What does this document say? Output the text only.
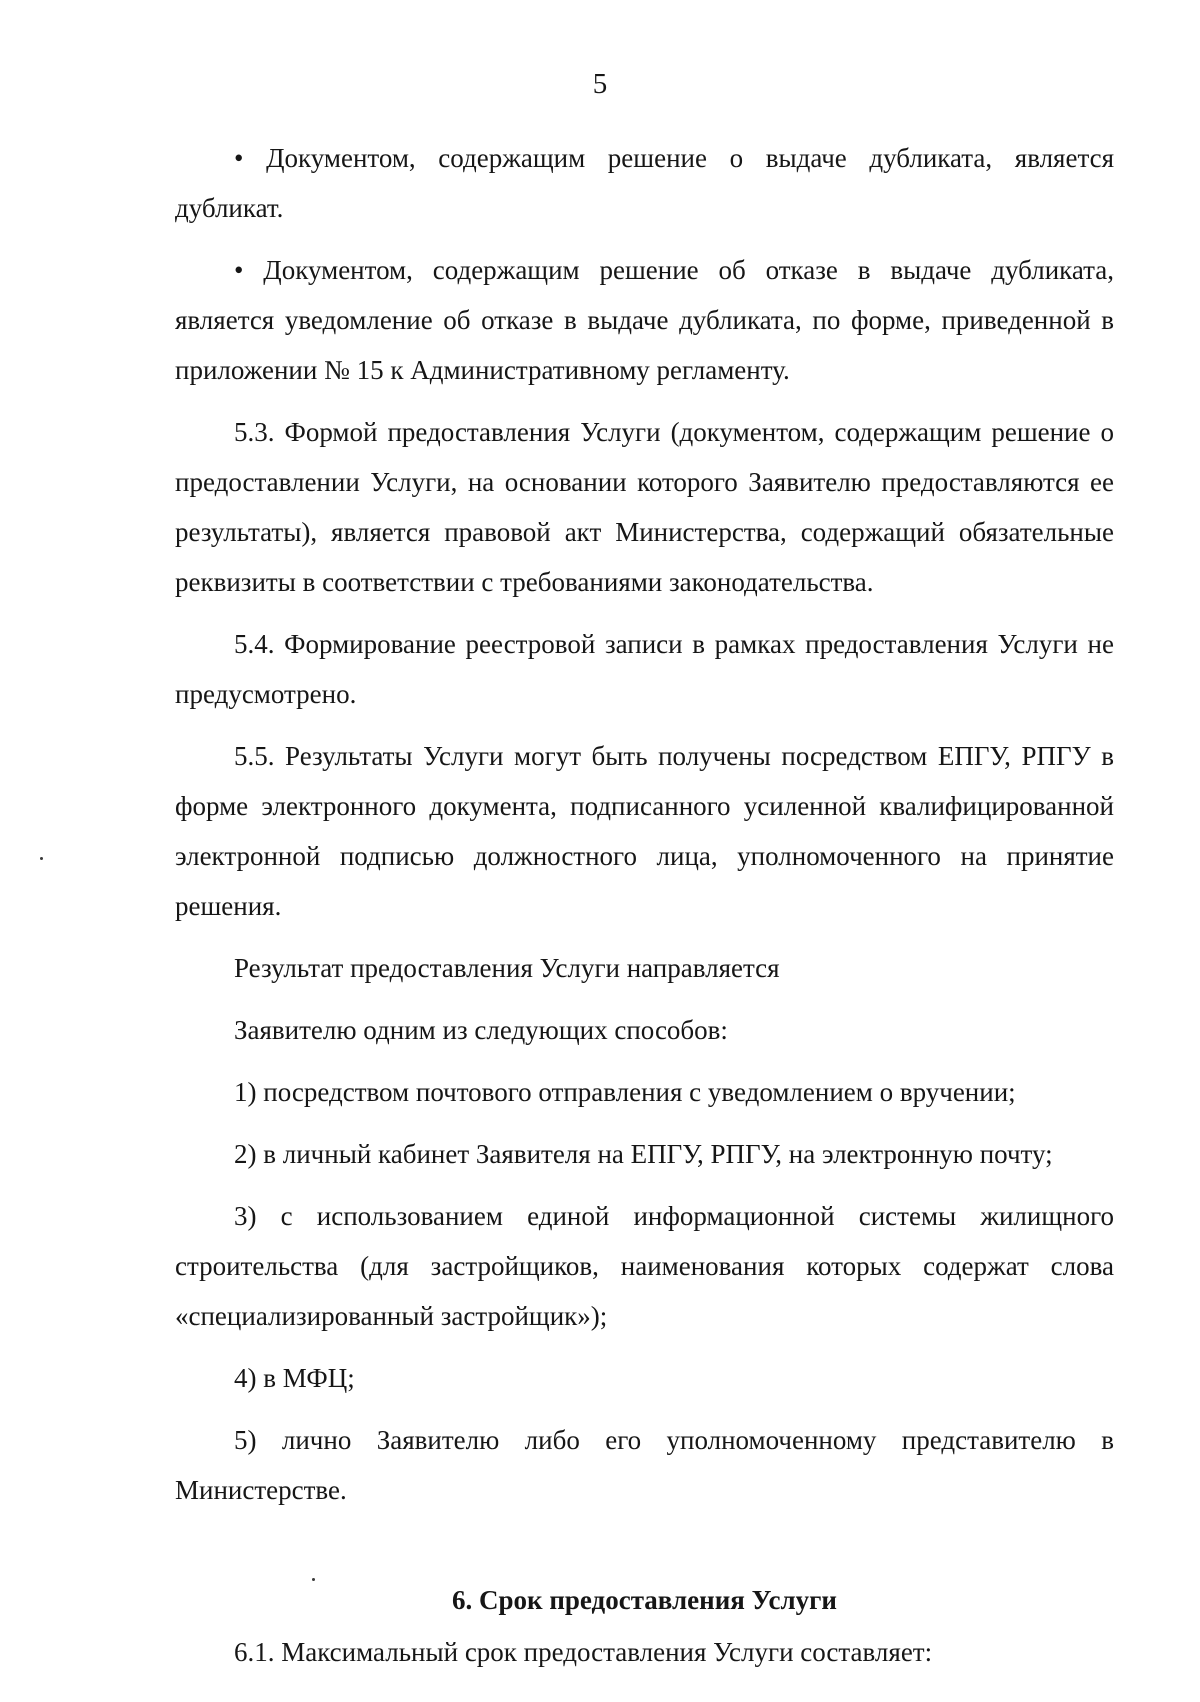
5

• Документом, содержащим решение о выдаче дубликата, является дубликат.

• Документом, содержащим решение об отказе в выдаче дубликата, является уведомление об отказе в выдаче дубликата, по форме, приведенной в приложении № 15 к Административному регламенту.

5.3. Формой предоставления Услуги (документом, содержащим решение о предоставлении Услуги, на основании которого Заявителю предоставляются ее результаты), является правовой акт Министерства, содержащий обязательные реквизиты в соответствии с требованиями законодательства.

5.4. Формирование реестровой записи в рамках предоставления Услуги не предусмотрено.

5.5. Результаты Услуги могут быть получены посредством ЕПГУ, РПГУ в форме электронного документа, подписанного усиленной квалифицированной электронной подписью должностного лица, уполномоченного на принятие решения.

Результат предоставления Услуги направляется

Заявителю одним из следующих способов:

1) посредством почтового отправления с уведомлением о вручении;

2) в личный кабинет Заявителя на ЕПГУ, РПГУ, на электронную почту;

3) с использованием единой информационной системы жилищного строительства (для застройщиков, наименования которых содержат слова «специализированный застройщик»);

4) в МФЦ;

5) лично Заявителю либо его уполномоченному представителю в Министерстве.

6. Срок предоставления Услуги

6.1. Максимальный срок предоставления Услуги составляет:
